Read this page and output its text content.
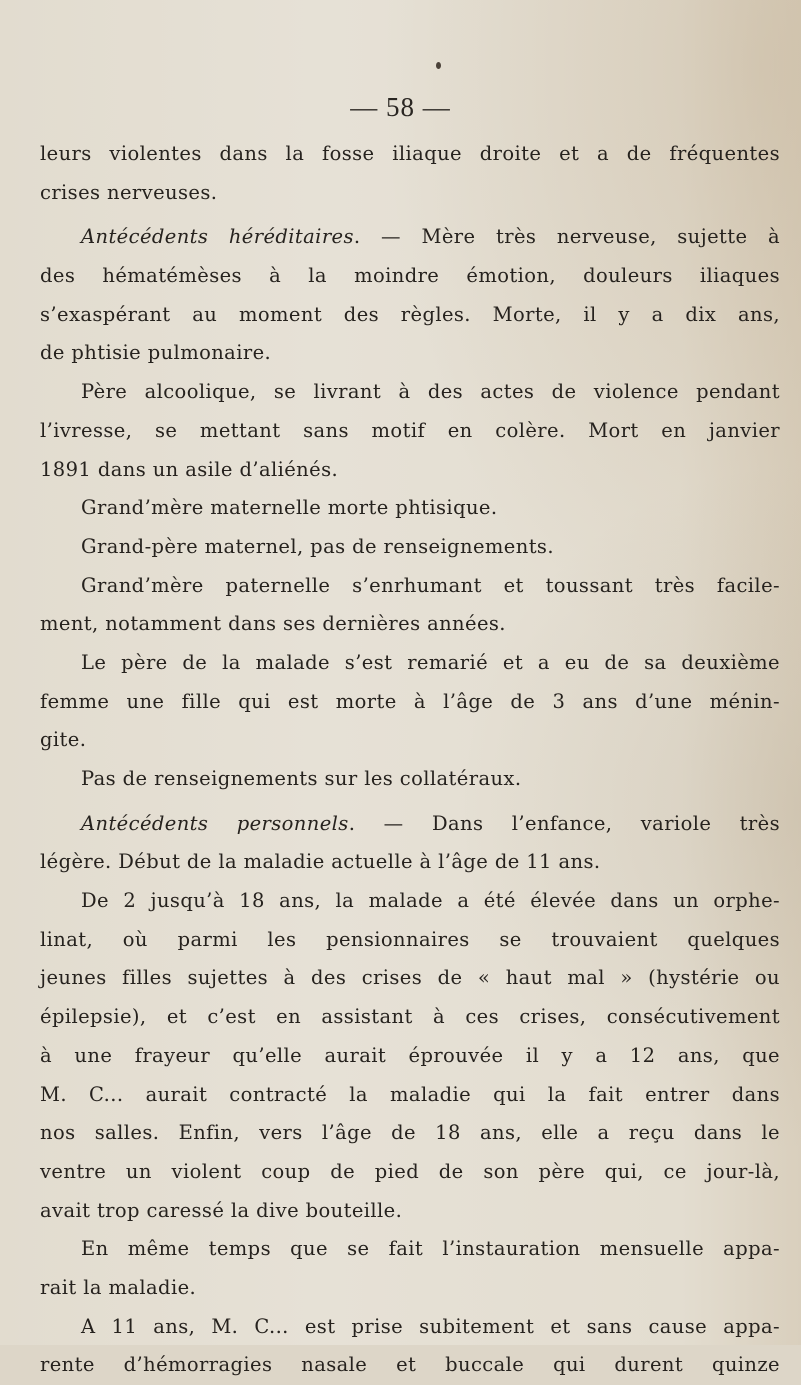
— 58 —
leurs violentes dans la fosse iliaque droite et a de fréquentes
crises nerveuses.
Antécédents héréditaires. — Mère très nerveuse, sujette à
des hématémèses à la moindre émotion, douleurs iliaques
s’exaspérant au moment des règles. Morte, il y a dix ans,
de phtisie pulmonaire.
Père alcoolique, se livrant à des actes de violence pendant
l’ivresse, se mettant sans motif en colère. Mort en janvier
1891 dans un asile d’aliénés.
Grand’mère maternelle morte phtisique.
Grand-père maternel, pas de renseignements.
Grand’mère paternelle s’enrhumant et toussant très facile-
ment, notamment dans ses dernières années.
Le père de la malade s’est remarié et a eu de sa deuxième
femme une fille qui est morte à l’âge de 3 ans d’une ménin-
gite.
Pas de renseignements sur les collatéraux.
Antécédents personnels. — Dans l’enfance, variole très
légère. Début de la maladie actuelle à l’âge de 11 ans.
De 2 jusqu’à 18 ans, la malade a été élevée dans un orphe-
linat, où parmi les pensionnaires se trouvaient quelques
jeunes filles sujettes à des crises de « haut mal » (hystérie ou
épilepsie), et c’est en assistant à ces crises, consécutivement
à une frayeur qu’elle aurait éprouvée il y a 12 ans, que
M. C... aurait contracté la maladie qui la fait entrer dans
nos salles. Enfin, vers l’âge de 18 ans, elle a reçu dans le
ventre un violent coup de pied de son père qui, ce jour-là,
avait trop caressé la dive bouteille.
En même temps que se fait l’instauration mensuelle appa-
rait la maladie.
A 11 ans, M. C... est prise subitement et sans cause appa-
rente d’hémorragies nasale et buccale qui durent quinze
